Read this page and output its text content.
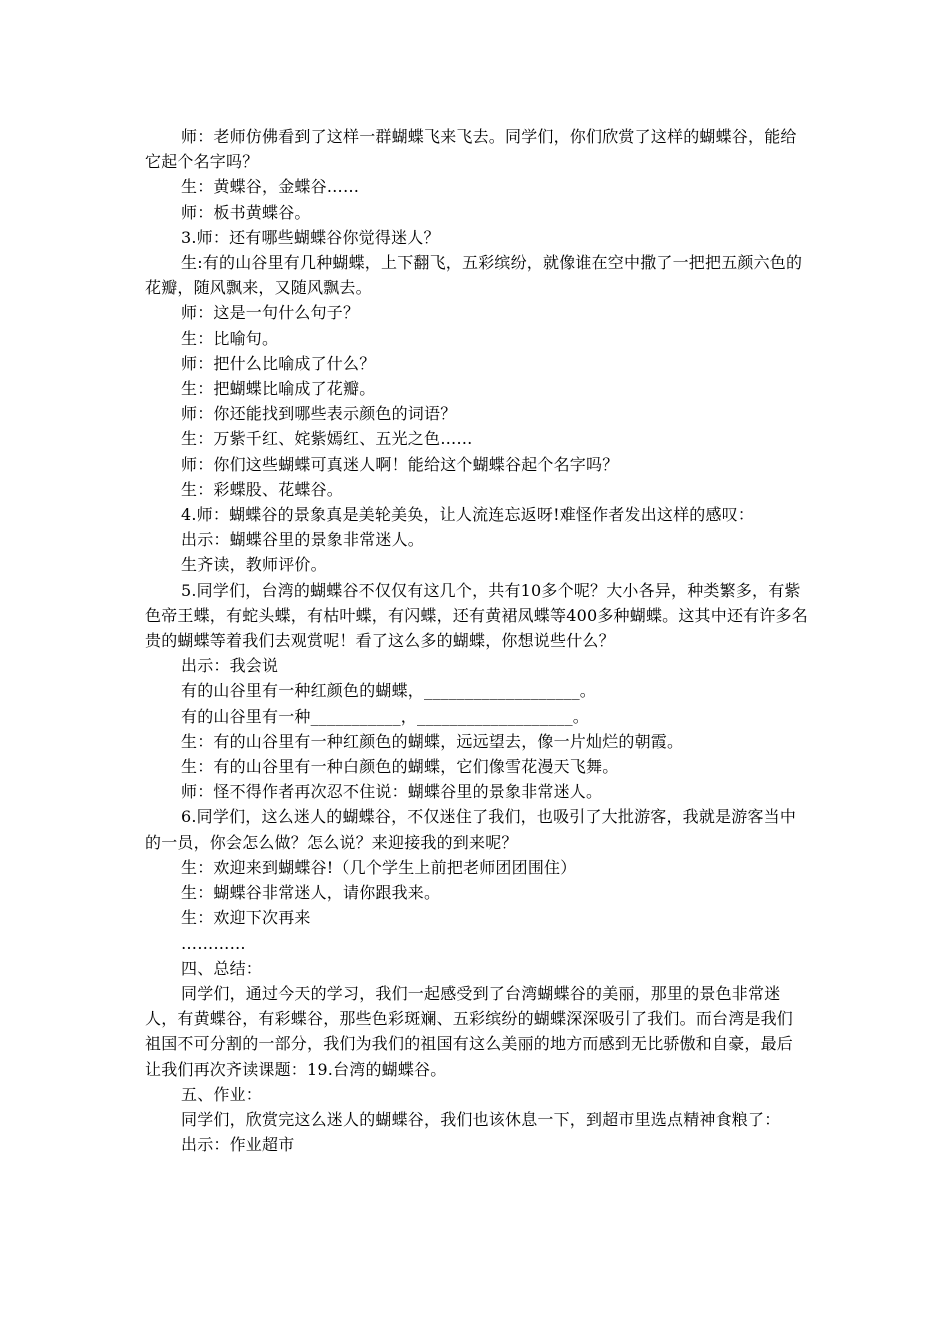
师：老师仿佛看到了这样一群蝴蝶飞来飞去。同学们，你们欣赏了这样的蝴蝶谷，能给它起个名字吗？

生：黄蝶谷，金蝶谷……

师：板书黄蝶谷。

3.师：还有哪些蝴蝶谷你觉得迷人？

生:有的山谷里有几种蝴蝶，上下翻飞，五彩缤纷，就像谁在空中撒了一把把五颜六色的花瓣，随风飘来，又随风飘去。

师：这是一句什么句子？

生：比喻句。

师：把什么比喻成了什么？

生：把蝴蝶比喻成了花瓣。

师：你还能找到哪些表示颜色的词语？

生：万紫千红、姹紫嫣红、五光之色……

师：你们这些蝴蝶可真迷人啊！能给这个蝴蝶谷起个名字吗？

生：彩蝶股、花蝶谷。

4.师：蝴蝶谷的景象真是美轮美奂，让人流连忘返呀!难怪作者发出这样的感叹：

出示：蝴蝶谷里的景象非常迷人。

生齐读，教师评价。

5.同学们，台湾的蝴蝶谷不仅仅有这几个，共有10多个呢？大小各异，种类繁多，有紫色帝王蝶，有蛇头蝶，有枯叶蝶，有闪蝶，还有黄裙凤蝶等400多种蝴蝶。这其中还有许多名贵的蝴蝶等着我们去观赏呢！看了这么多的蝴蝶，你想说些什么？

出示：我会说

有的山谷里有一种红颜色的蝴蝶，___________________。

有的山谷里有一种___________，___________________。

生：有的山谷里有一种红颜色的蝴蝶，远远望去，像一片灿烂的朝霞。

生：有的山谷里有一种白颜色的蝴蝶，它们像雪花漫天飞舞。

师：怪不得作者再次忍不住说：蝴蝶谷里的景象非常迷人。

6.同学们，这么迷人的蝴蝶谷，不仅迷住了我们，也吸引了大批游客，我就是游客当中的一员，你会怎么做？怎么说？来迎接我的到来呢？

生：欢迎来到蝴蝶谷!（几个学生上前把老师团团围住）

生：蝴蝶谷非常迷人，请你跟我来。

生：欢迎下次再来

…………

四、总结：

同学们，通过今天的学习，我们一起感受到了台湾蝴蝶谷的美丽，那里的景色非常迷人，有黄蝶谷，有彩蝶谷，那些色彩斑斓、五彩缤纷的蝴蝶深深吸引了我们。而台湾是我们祖国不可分割的一部分，我们为我们的祖国有这么美丽的地方而感到无比骄傲和自豪，最后让我们再次齐读课题：19.台湾的蝴蝶谷。

五、作业：

同学们，欣赏完这么迷人的蝴蝶谷，我们也该休息一下，到超市里选点精神食粮了：

出示：作业超市
